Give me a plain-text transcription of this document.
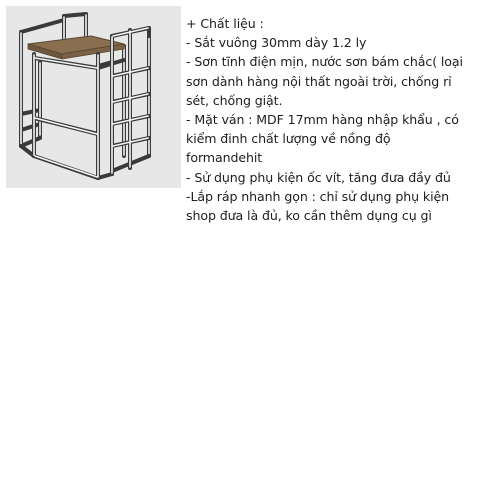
+ Chất liệu :
- Sắt vuông 30mm dày 1.2 ly
- Sơn tĩnh điện mịn, nước sơn bám chắc( loại
sơn dành hàng nội thất ngoài trời, chống rỉ
sét, chống giật.
- Mặt ván : MDF 17mm hàng nhập khẩu , có
kiểm đinh chất lượng về nồng độ
formandehit
- Sử dụng phụ kiện ốc vít, tăng đưa đầy đủ
-Lắp ráp nhanh gọn : chỉ sử dụng phụ kiện
shop đưa là đủ, ko cần thêm dụng cụ gì
